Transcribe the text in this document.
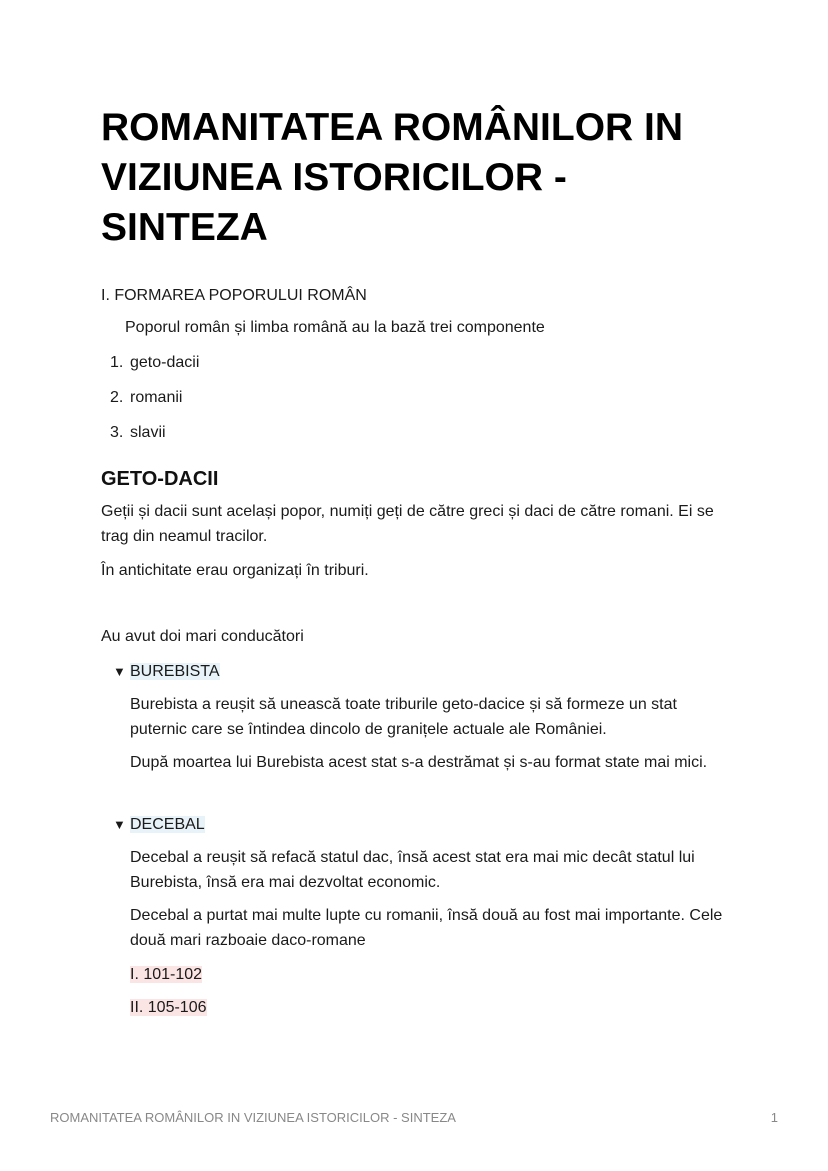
ROMANITATEA ROMÂNILOR IN VIZIUNEA ISTORICILOR - SINTEZA
I. FORMAREA POPORULUI ROMÂN
Poporul român și limba română au la bază trei componente
1. geto-dacii
2. romanii
3. slavii
GETO-DACII

Geții și dacii sunt același popor, numiți geți de către greci și daci de către romani. Ei se trag din neamul tracilor.

În antichitate erau organizați în triburi.

Au avut doi mari conducători

▼ BUREBISTA

Burebista a reușit să unească toate triburile geto-dacice și să formeze un stat puternic care se întindea dincolo de granițele actuale ale României.

După moartea lui Burebista acest stat s-a destrămat și s-au format state mai mici.

▼ DECEBAL

Decebal a reușit să refacă statul dac, însă acest stat era mai mic decât statul lui Burebista, însă era mai dezvoltat economic.

Decebal a purtat mai multe lupte cu romanii, însă două au fost mai importante. Cele două mari razboaie daco-romane

I. 101-102

II. 105-106

ROMANITATEA ROMÂNILOR IN VIZIUNEA ISTORICILOR - SINTEZA	1
